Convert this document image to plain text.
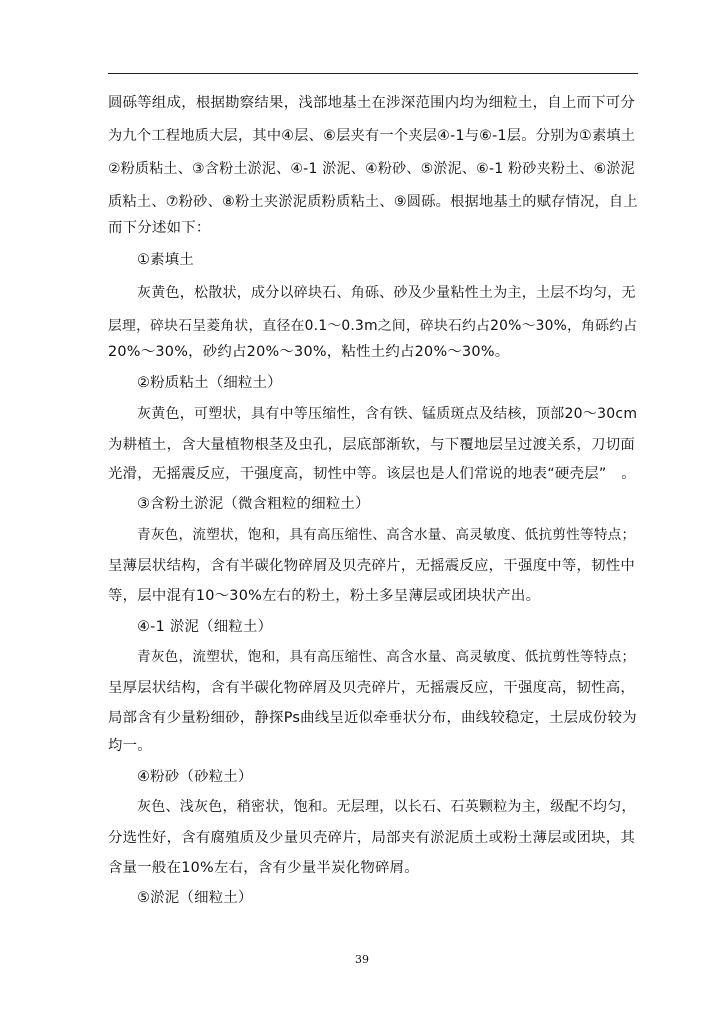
圆砾等组成，根据勘察结果，浅部地基土在涉深范围内均为细粒土，自上而下可分
为九个工程地质大层，其中④层、⑥层夹有一个夹层④-1与⑥-1层。分别为①素填土
②粉质粘土、③含粉土淤泥、④-1 淤泥、④粉砂、⑤淤泥、⑥-1 粉砂夹粉土、⑥淤泥
质粘土、⑦粉砂、⑧粉土夹淤泥质粉质粘土、⑨圆砾。根据地基土的赋存情况，自上
而下分述如下：
①素填土
灰黄色，松散状，成分以碎块石、角砾、砂及少量粘性土为主，土层不均匀，无
层理，碎块石呈菱角状，直径在0.1～0.3m之间，碎块石约占20%～30%，角砾约占
20%～30%，砂约占20%～30%，粘性土约占20%～30%。
②粉质粘土（细粒土）
灰黄色，可塑状，具有中等压缩性，含有铁、锰质斑点及结核，顶部20～30cm
为耕植土，含大量植物根茎及虫孔，层底部渐软，与下覆地层呈过渡关系，刀切面
光滑，无摇震反应，干强度高，韧性中等。该层也是人们常说的地表“硬壳层”　。
③含粉土淤泥（微含粗粒的细粒土）
青灰色，流塑状，饱和，具有高压缩性、高含水量、高灵敏度、低抗剪性等特点；
呈薄层状结构，含有半碳化物碎屑及贝壳碎片，无摇震反应，干强度中等，韧性中
等，层中混有10～30%左右的粉土，粉土多呈薄层或团块状产出。
④-1 淤泥（细粒土）
青灰色，流塑状，饱和，具有高压缩性、高含水量、高灵敏度、低抗剪性等特点；
呈厚层状结构，含有半碳化物碎屑及贝壳碎片，无摇震反应，干强度高，韧性高，
局部含有少量粉细砂，静探Ps曲线呈近似牵垂状分布，曲线较稳定，土层成份较为
均一。
④粉砂（砂粒土）
灰色、浅灰色，稍密状，饱和。无层理，以长石、石英颗粒为主，级配不均匀，
分选性好，含有腐殖质及少量贝壳碎片，局部夹有淤泥质土或粉土薄层或团块，其
含量一般在10%左右，含有少量半炭化物碎屑。
⑤淤泥（细粒土）
39
